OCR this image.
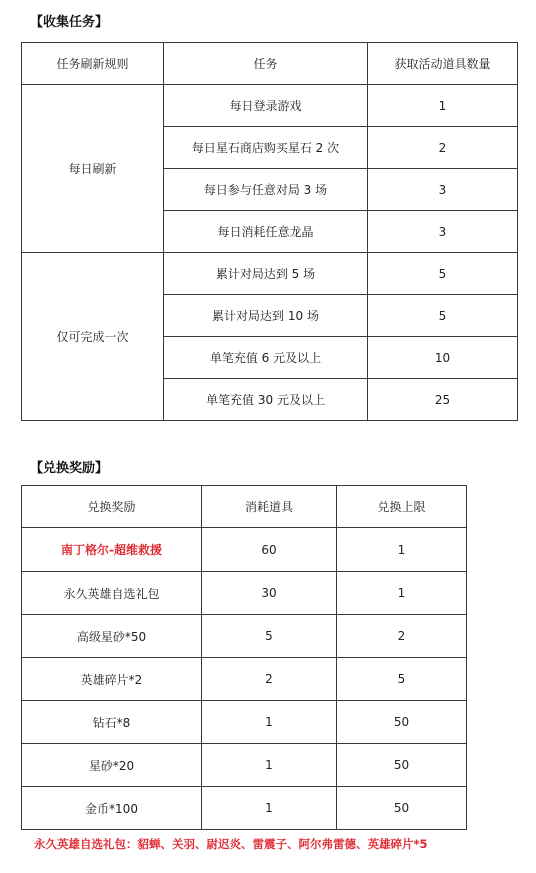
【收集任务】
任务刷新规则	任务	获取活动道具数量
每日刷新	每日登录游戏	1
	每日星石商店购买星石 2 次	2
	每日参与任意对局 3 场	3
	每日消耗任意龙晶	3
仅可完成一次	累计对局达到 5 场	5
	累计对局达到 10 场	5
	单笔充值 6 元及以上	10
	单笔充值 30 元及以上	25
【兑换奖励】
兑换奖励	消耗道具	兑换上限
南丁格尔-超维救援	60	1
永久英雄自选礼包	30	1
高级星砂*50	5	2
英雄碎片*2	2	5
钻石*8	1	50
星砂*20	1	50
金币*100	1	50
永久英雄自选礼包：貂蝉、关羽、尉迟炎、雷震子、阿尔弗雷德、英雄碎片*5
